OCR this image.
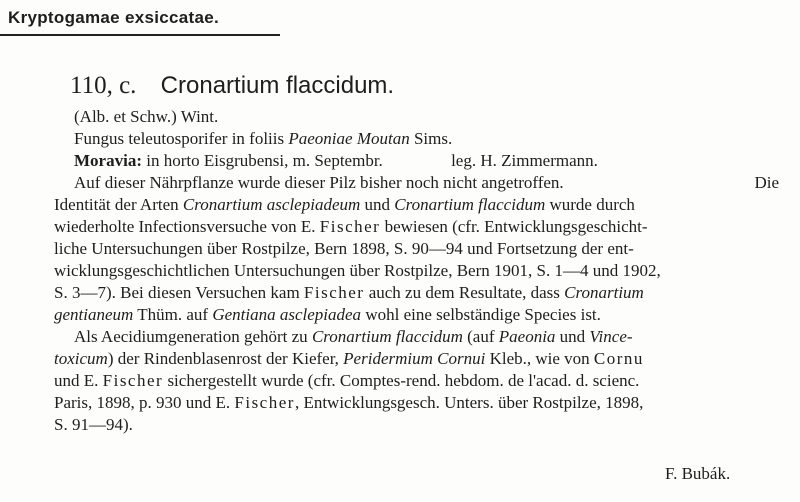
Kryptogamae exsiccatae.
110, c. Cronartium flaccidum.
(Alb. et Schw.) Wint.
Fungus teleutosporifer in foliis Paeoniae Moutan Sims.
Moravia: in horto Eisgrubensi, m. Septembr.	leg. H. Zimmermann.
Auf dieser Nährpflanze wurde dieser Pilz bisher noch nicht angetroffen.	Die
Identität der Arten Cronartium asclepiadeum und Cronartium flaccidum wurde durch
wiederholte Infectionsversuche von E. Fischer bewiesen (cfr. Entwicklungsgeschicht-
liche Untersuchungen über Rostpilze, Bern 1898, S. 90—94 und Fortsetzung der ent-
wicklungsgeschichtlichen Untersuchungen über Rostpilze, Bern 1901, S. 1—4 und 1902,
S. 3—7). Bei diesen Versuchen kam Fischer auch zu dem Resultate, dass Cronartium
gentianeum Thüm. auf Gentiana asclepiadea wohl eine selbständige Species ist.
Als Aecidiumgeneration gehört zu Cronartium flaccidum (auf Paeonia und Vince-
toxicum) der Rindenblasenrost der Kiefer, Peridermium Cornui Kleb., wie von Cornu
und E. Fischer sichergestellt wurde (cfr. Comptes-rend. hebdom. de l'acad. d. scienc.
Paris, 1898, p. 930 und E. Fischer, Entwicklungsgesch. Unters. über Rostpilze, 1898,
S. 91—94).
F. Bubák.
